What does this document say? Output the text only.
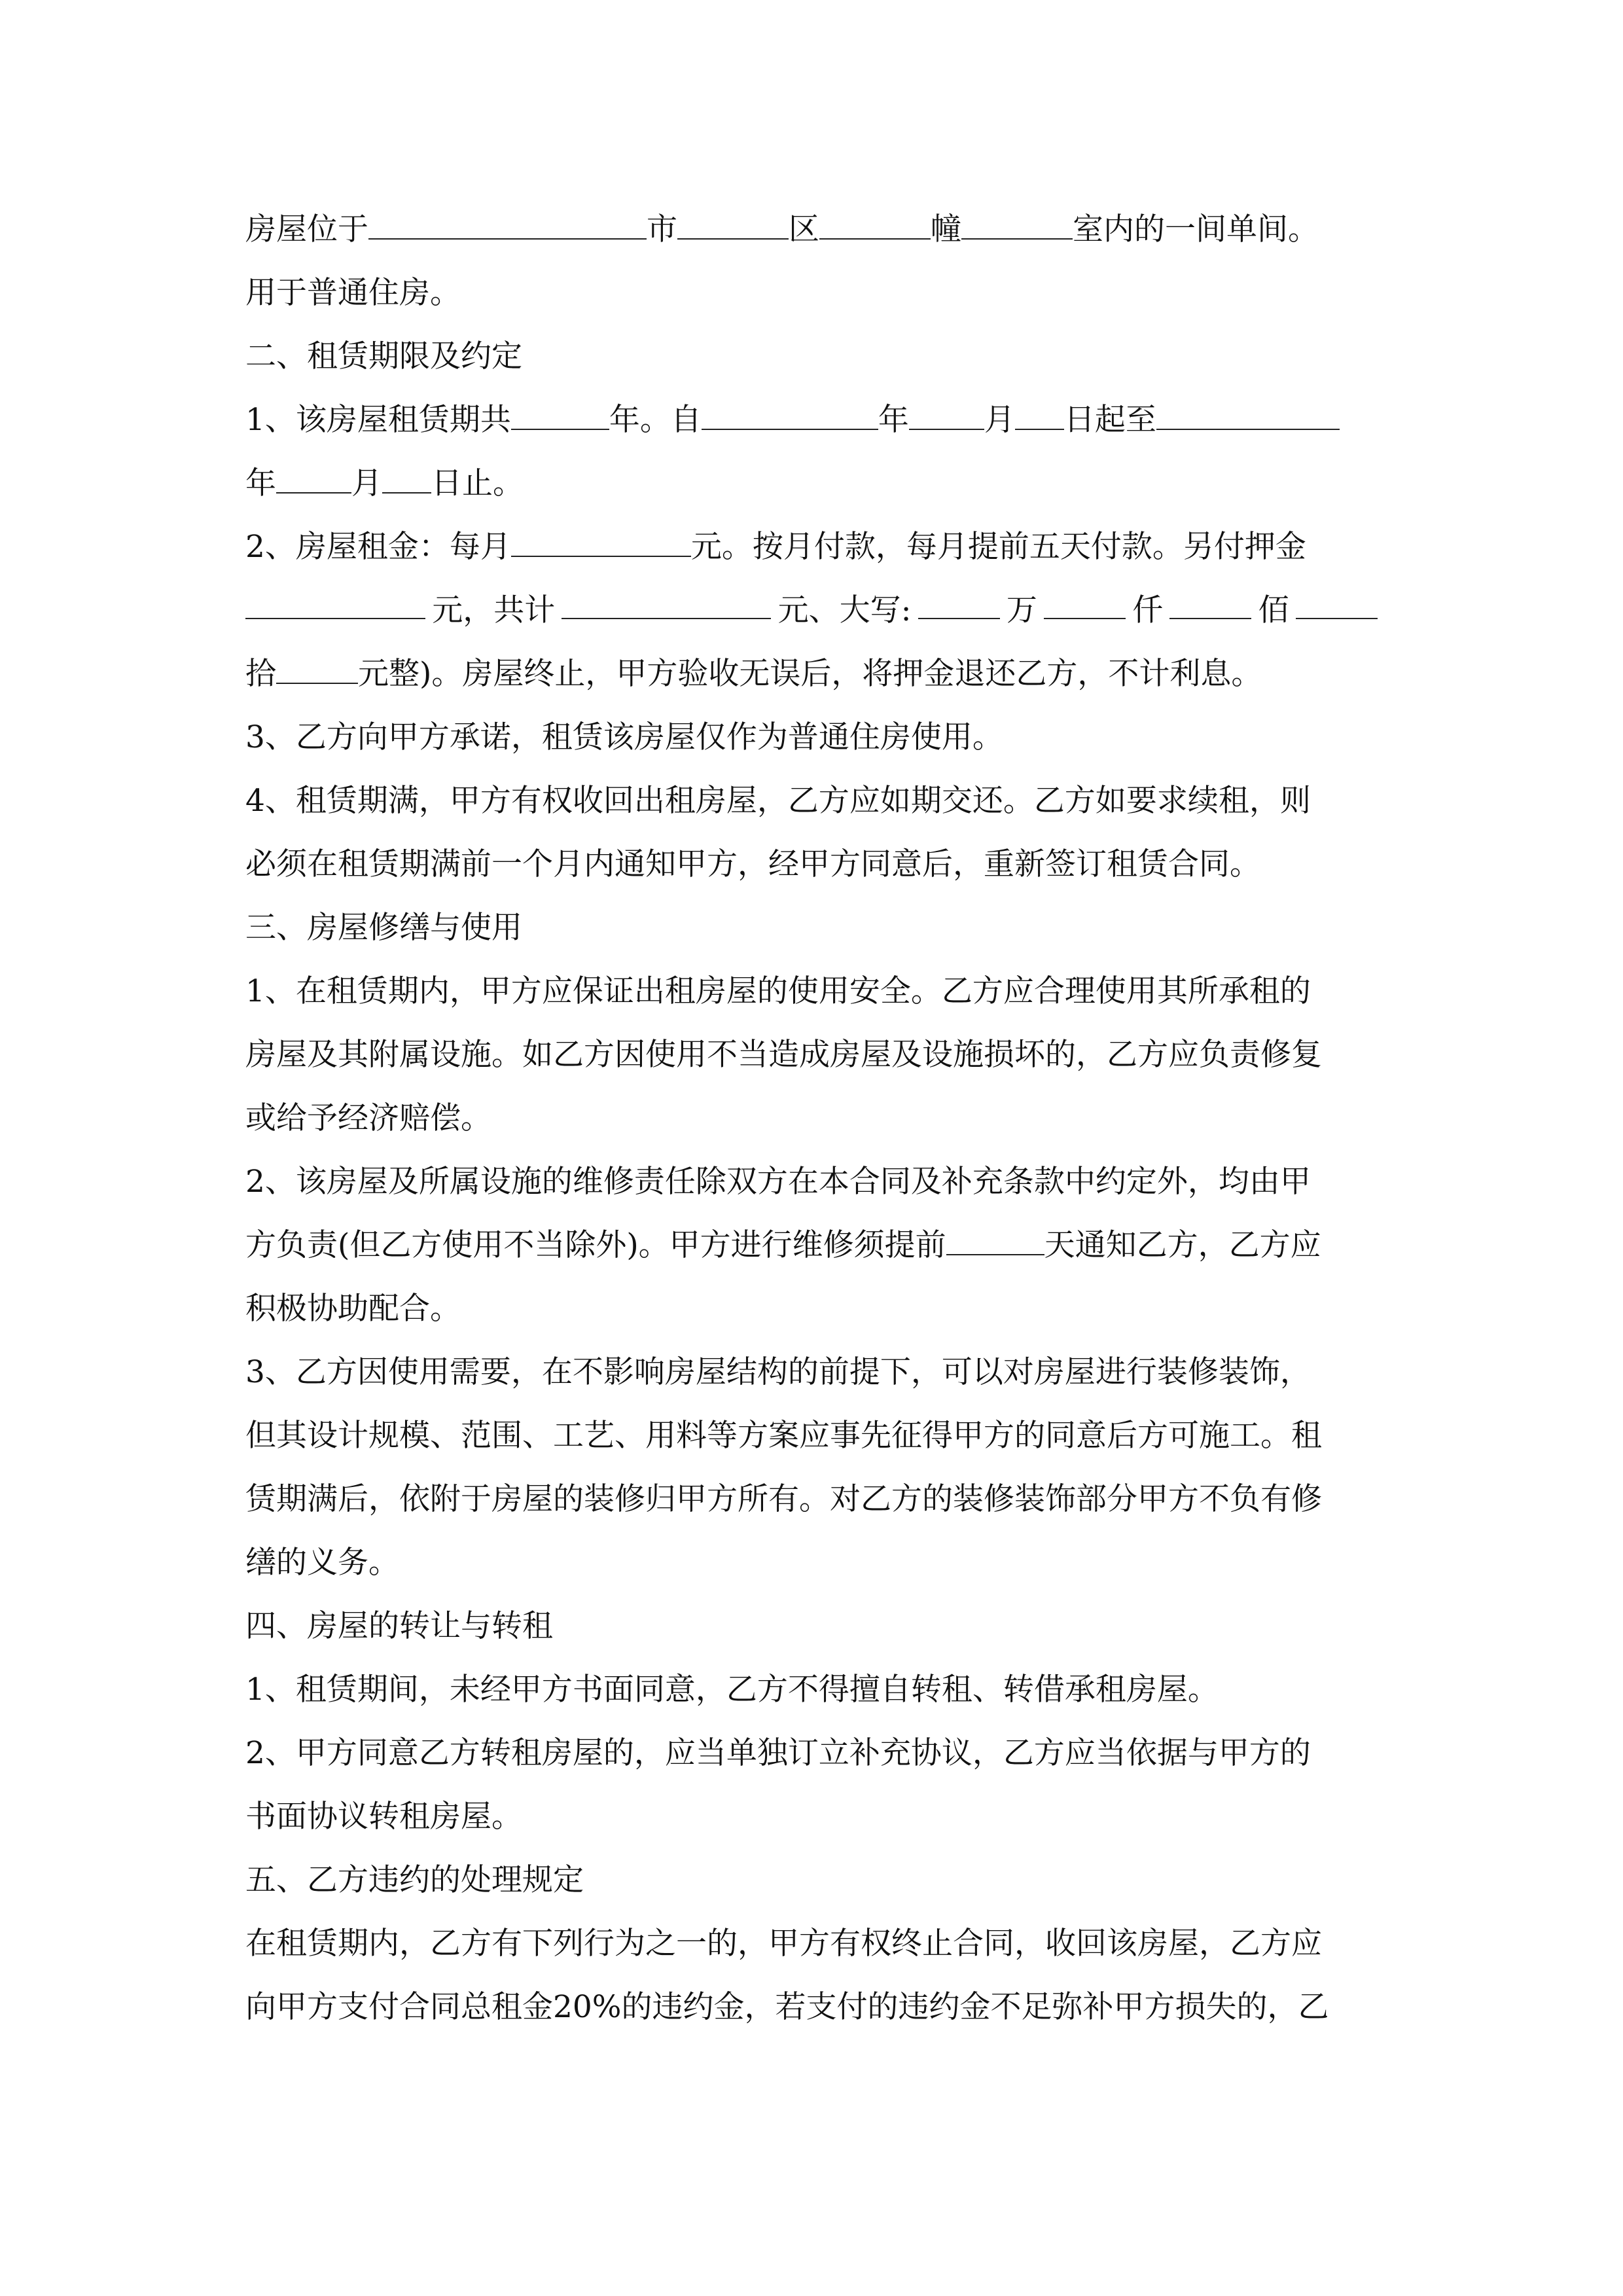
房屋位于	市	区	幢	室内的一间单间。
用于普通住房。
二、租赁期限及约定
1、该房屋租赁期共	年。自	年 月 日起至
年 月 日止。
2、房屋租金：每月	元。按月付款，每月提前五天付款。另付押金
元，共计	元、大写:	万	仟	佰
拾	元整)。房屋终止，甲方验收无误后，将押金退还乙方，不计利息。
3、乙方向甲方承诺，租赁该房屋仅作为普通住房使用。
4、租赁期满，甲方有权收回出租房屋，乙方应如期交还。乙方如要求续租，则
必须在租赁期满前一个月内通知甲方，经甲方同意后，重新签订租赁合同。
三、房屋修缮与使用
1、在租赁期内，甲方应保证出租房屋的使用安全。乙方应合理使用其所承租的
房屋及其附属设施。如乙方因使用不当造成房屋及设施损坏的，乙方应负责修复
或给予经济赔偿。
2、该房屋及所属设施的维修责任除双方在本合同及补充条款中约定外，均由甲
方负责(但乙方使用不当除外)。甲方进行维修须提前	天通知乙方，乙方应
积极协助配合。
3、乙方因使用需要，在不影响房屋结构的前提下，可以对房屋进行装修装饰，
但其设计规模、范围、工艺、用料等方案应事先征得甲方的同意后方可施工。租
赁期满后，依附于房屋的装修归甲方所有。对乙方的装修装饰部分甲方不负有修
缮的义务。
四、房屋的转让与转租
1、租赁期间，未经甲方书面同意，乙方不得擅自转租、转借承租房屋。
2、甲方同意乙方转租房屋的，应当单独订立补充协议，乙方应当依据与甲方的
书面协议转租房屋。
五、乙方违约的处理规定
在租赁期内，乙方有下列行为之一的，甲方有权终止合同，收回该房屋，乙方应
向甲方支付合同总租金20%的违约金，若支付的违约金不足弥补甲方损失的，乙
